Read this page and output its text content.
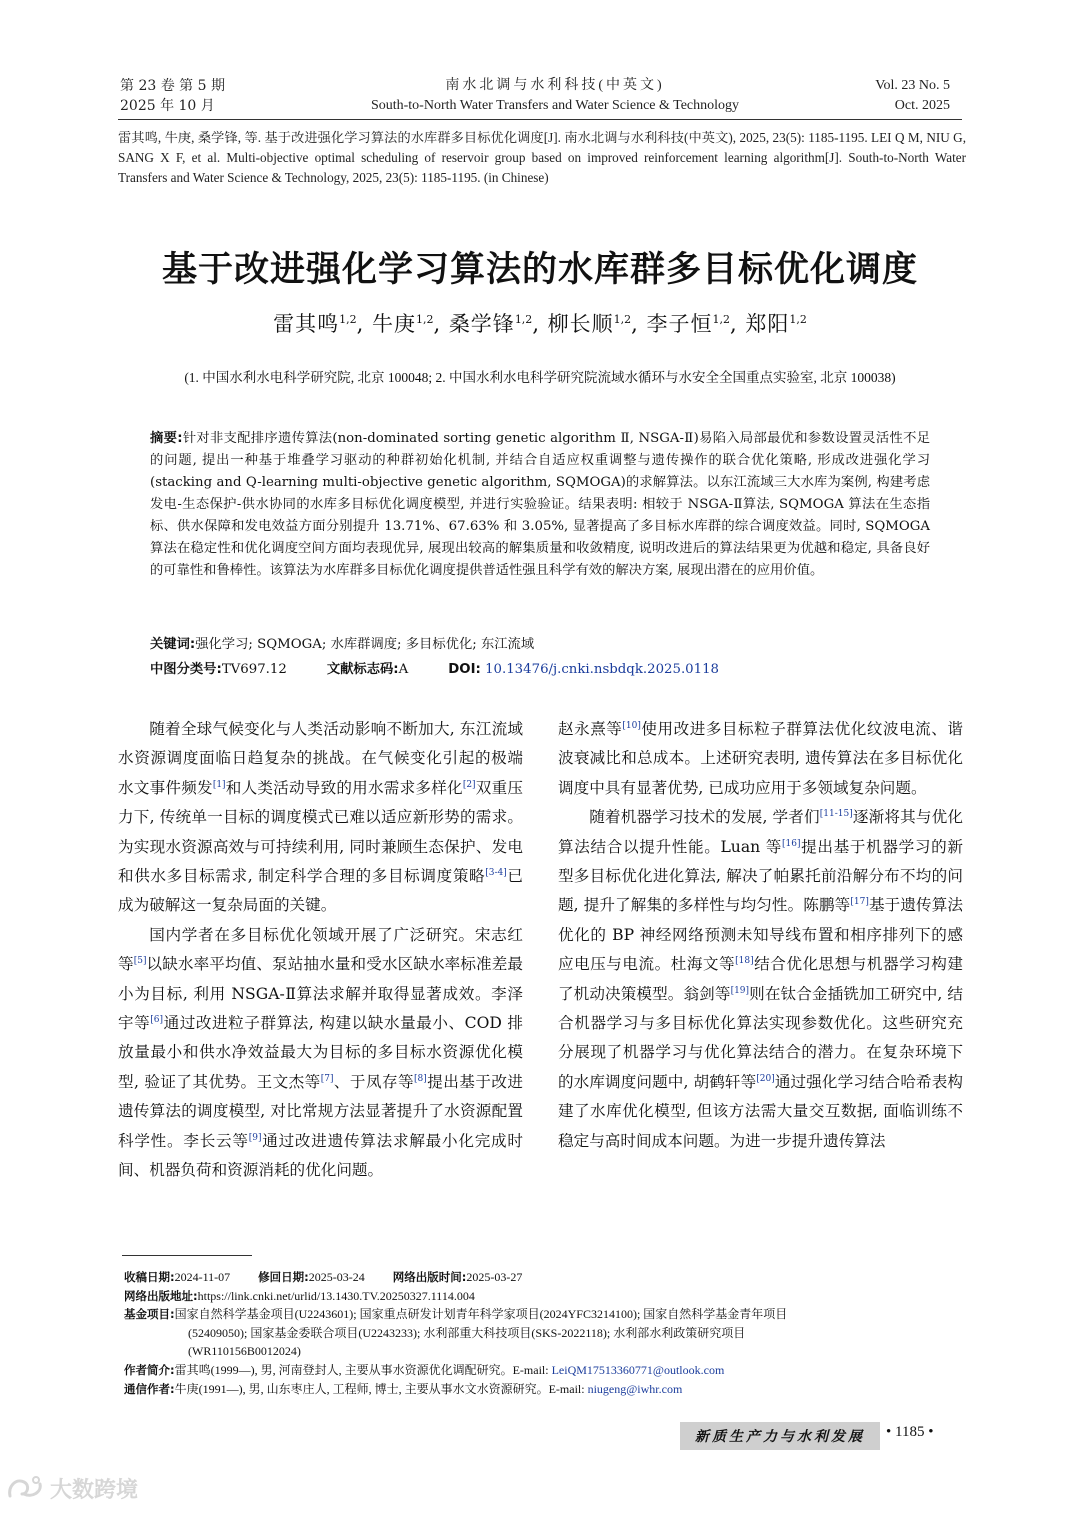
第 23 卷 第 5 期
2025 年 10 月
南水北调与水利科技(中英文)
South-to-North Water Transfers and Water Science & Technology
Vol. 23 No. 5
Oct. 2025
雷其鸣, 牛庚, 桑学锋, 等. 基于改进强化学习算法的水库群多目标优化调度[J]. 南水北调与水利科技(中英文), 2025, 23(5): 1185-1195. LEI Q M, NIU G, SANG X F, et al. Multi-objective optimal scheduling of reservoir group based on improved reinforcement learning algorithm[J]. South-to-North Water Transfers and Water Science & Technology, 2025, 23(5): 1185-1195. (in Chinese)
基于改进强化学习算法的水库群多目标优化调度
雷其鸣$^{1,2}$, 牛庚$^{1,2}$, 桑学锋$^{1,2}$, 柳长顺$^{1,2}$, 李子恒$^{1,2}$, 郑阳$^{1,2}$
(1. 中国水利水电科学研究院, 北京 100048; 2. 中国水利水电科学研究院流域水循环与水安全全国重点实验室, 北京 100038)
摘要:针对非支配排序遗传算法(non-dominated sorting genetic algorithm Ⅱ, NSGA-Ⅱ)易陷入局部最优和参数设置灵活性不足的问题, 提出一种基于堆叠学习驱动的种群初始化机制, 并结合自适应权重调整与遗传操作的联合优化策略, 形成改进强化学习(stacking and Q-learning multi-objective genetic algorithm, SQMOGA)的求解算法。以东江流域三大水库为案例, 构建考虑发电-生态保护-供水协同的水库多目标优化调度模型, 并进行实验验证。结果表明: 相较于 NSGA-Ⅱ算法, SQMOGA 算法在生态指标、供水保障和发电效益方面分别提升 13.71%、67.63% 和 3.05%, 显著提高了多目标水库群的综合调度效益。同时, SQMOGA 算法在稳定性和优化调度空间方面均表现优异, 展现出较高的解集质量和收敛精度, 说明改进后的算法结果更为优越和稳定, 具备良好的可靠性和鲁棒性。该算法为水库群多目标优化调度提供普适性强且科学有效的解决方案, 展现出潜在的应用价值。
关键词:强化学习; SQMOGA; 水库群调度; 多目标优化; 东江流域
中图分类号:TV697.12	文献标志码:A	DOI: 10.13476/j.cnki.nsbdqk.2025.0118

随着全球气候变化与人类活动影响不断加大, 东江流域水资源调度面临日趋复杂的挑战。在气候变化引起的极端水文事件频发[1]和人类活动导致的用水需求多样化[2]双重压力下, 传统单一目标的调度模式已难以适应新形势的需求。为实现水资源高效与可持续利用, 同时兼顾生态保护、发电和供水多目标需求, 制定科学合理的多目标调度策略[3-4]已成为破解这一复杂局面的关键。

国内学者在多目标优化领域开展了广泛研究。宋志红等[5]以缺水率平均值、泵站抽水量和受水区缺水率标准差最小为目标, 利用 NSGA-Ⅱ算法求解并取得显著成效。李泽宇等[6]通过改进粒子群算法, 构建以缺水量最小、COD 排放量最小和供水净效益最大为目标的多目标水资源优化模型, 验证了其优势。王文杰等[7]、于凤存等[8]提出基于改进遗传算法的调度模型, 对比常规方法显著提升了水资源配置科学性。李长云等[9]通过改进遗传算法求解最小化完成时间、机器负荷和资源消耗的优化问题。

赵永熹等[10]使用改进多目标粒子群算法优化纹波电流、谐波衰减比和总成本。上述研究表明, 遗传算法在多目标优化调度中具有显著优势, 已成功应用于多领域复杂问题。

随着机器学习技术的发展, 学者们[11-15]逐渐将其与优化算法结合以提升性能。Luan 等[16]提出基于机器学习的新型多目标优化进化算法, 解决了帕累托前沿解分布不均的问题, 提升了解集的多样性与均匀性。陈鹏等[17]基于遗传算法优化的 BP 神经网络预测未知导线布置和相序排列下的感应电压与电流。杜海文等[18]结合优化思想与机器学习构建了机动决策模型。翁剑等[19]则在钛合金插铣加工研究中, 结合机器学习与多目标优化算法实现参数优化。这些研究充分展现了机器学习与优化算法结合的潜力。在复杂环境下的水库调度问题中, 胡鹤轩等[20]通过强化学习结合哈希表构建了水库优化模型, 但该方法需大量交互数据, 面临训练不稳定与高时间成本问题。为进一步提升遗传算法

收稿日期:2024-11-07 修回日期:2025-03-24 网络出版时间:2025-03-27
网络出版地址:https://link.cnki.net/urlid/13.1430.TV.20250327.1114.004
基金项目:国家自然科学基金项目(U2243601); 国家重点研发计划青年科学家项目(2024YFC3214100); 国家自然科学基金青年项目
(52409050); 国家基金委联合项目(U2243233); 水利部重大科技项目(SKS-2022118); 水利部水利政策研究项目
(WR110156B0012024)
作者简介:雷其鸣(1999—), 男, 河南登封人, 主要从事水资源优化调配研究。E-mail: LeiQM17513360771@outlook.com
通信作者:牛庚(1991—), 男, 山东枣庄人, 工程师, 博士, 主要从事水文水资源研究。E-mail: niugeng@iwhr.com
新质生产力与水利发展	• 1185 •
大数跨境
